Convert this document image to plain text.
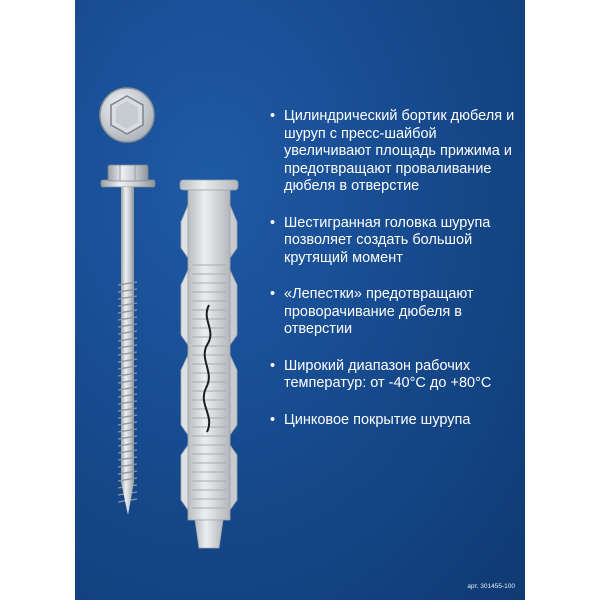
• Цилиндрический бортик дюбеля и шуруп с пресс-шайбой увеличивают площадь прижима и предотвращают проваливание дюбеля в отверстие
• Шестигранная головка шурупа позволяет создать большой крутящий момент
• «Лепестки» предотвращают проворачивание дюбеля в отверстии
• Широкий диапазон рабочих температур: от -40°С до +80°С
• Цинковое покрытие шурупа
арт. 301455-100
